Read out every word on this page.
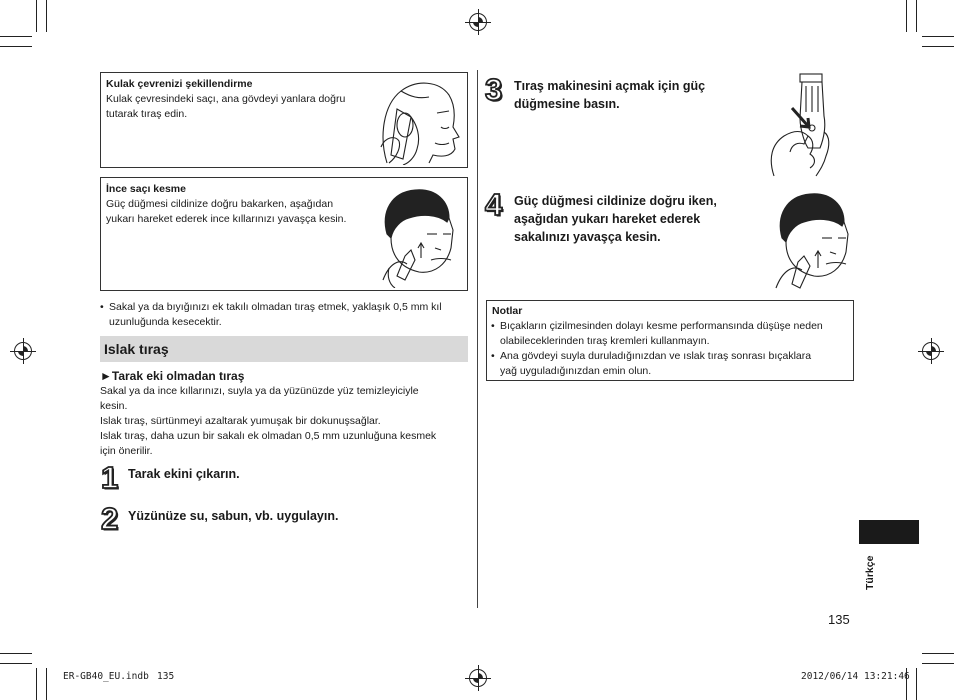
Kulak çevrenizi şekillendirme
Kulak çevresindeki saçı, ana gövdeyi yanlara doğru
tutarak tıraş edin.
İnce saçı kesme
Güç düğmesi cildinize doğru bakarken, aşağıdan
yukarı hareket ederek ince kıllarınızı yavaşça kesin.
• Sakal ya da bıyığınızı ek takılı olmadan tıraş etmek, yaklaşık 0,5 mm kıl
uzunluğunda kesecektir.
Islak tıraş
►Tarak eki olmadan tıraş
Sakal ya da ince kıllarınızı, suyla ya da yüzünüzde yüz temizleyiciyle
kesin.
Islak tıraş, sürtünmeyi azaltarak yumuşak bir dokunuşsağlar.
Islak tıraş, daha uzun bir sakalı ek olmadan 0,5 mm uzunluğuna kesmek
için önerilir.
1 Tarak ekini çıkarın.
2 Yüzünüze su, sabun, vb. uygulayın.
3 Tıraş makinesini açmak için güç
düğmesine basın.
4 Güç düğmesi cildinize doğru iken,
aşağıdan yukarı hareket ederek
sakalınızı yavaşça kesin.
Notlar
• Bıçakların çizilmesinden dolayı kesme performansında düşüşe neden
olabileceklerinden tıraş kremleri kullanmayın.
• Ana gövdeyi suyla duruladığınızdan ve ıslak tıraş sonrası bıçaklara
yağ uyguladığınızdan emin olun.
Türkçe
135
ER-GB40_EU.indb 135	2012/06/14 13:21:46
